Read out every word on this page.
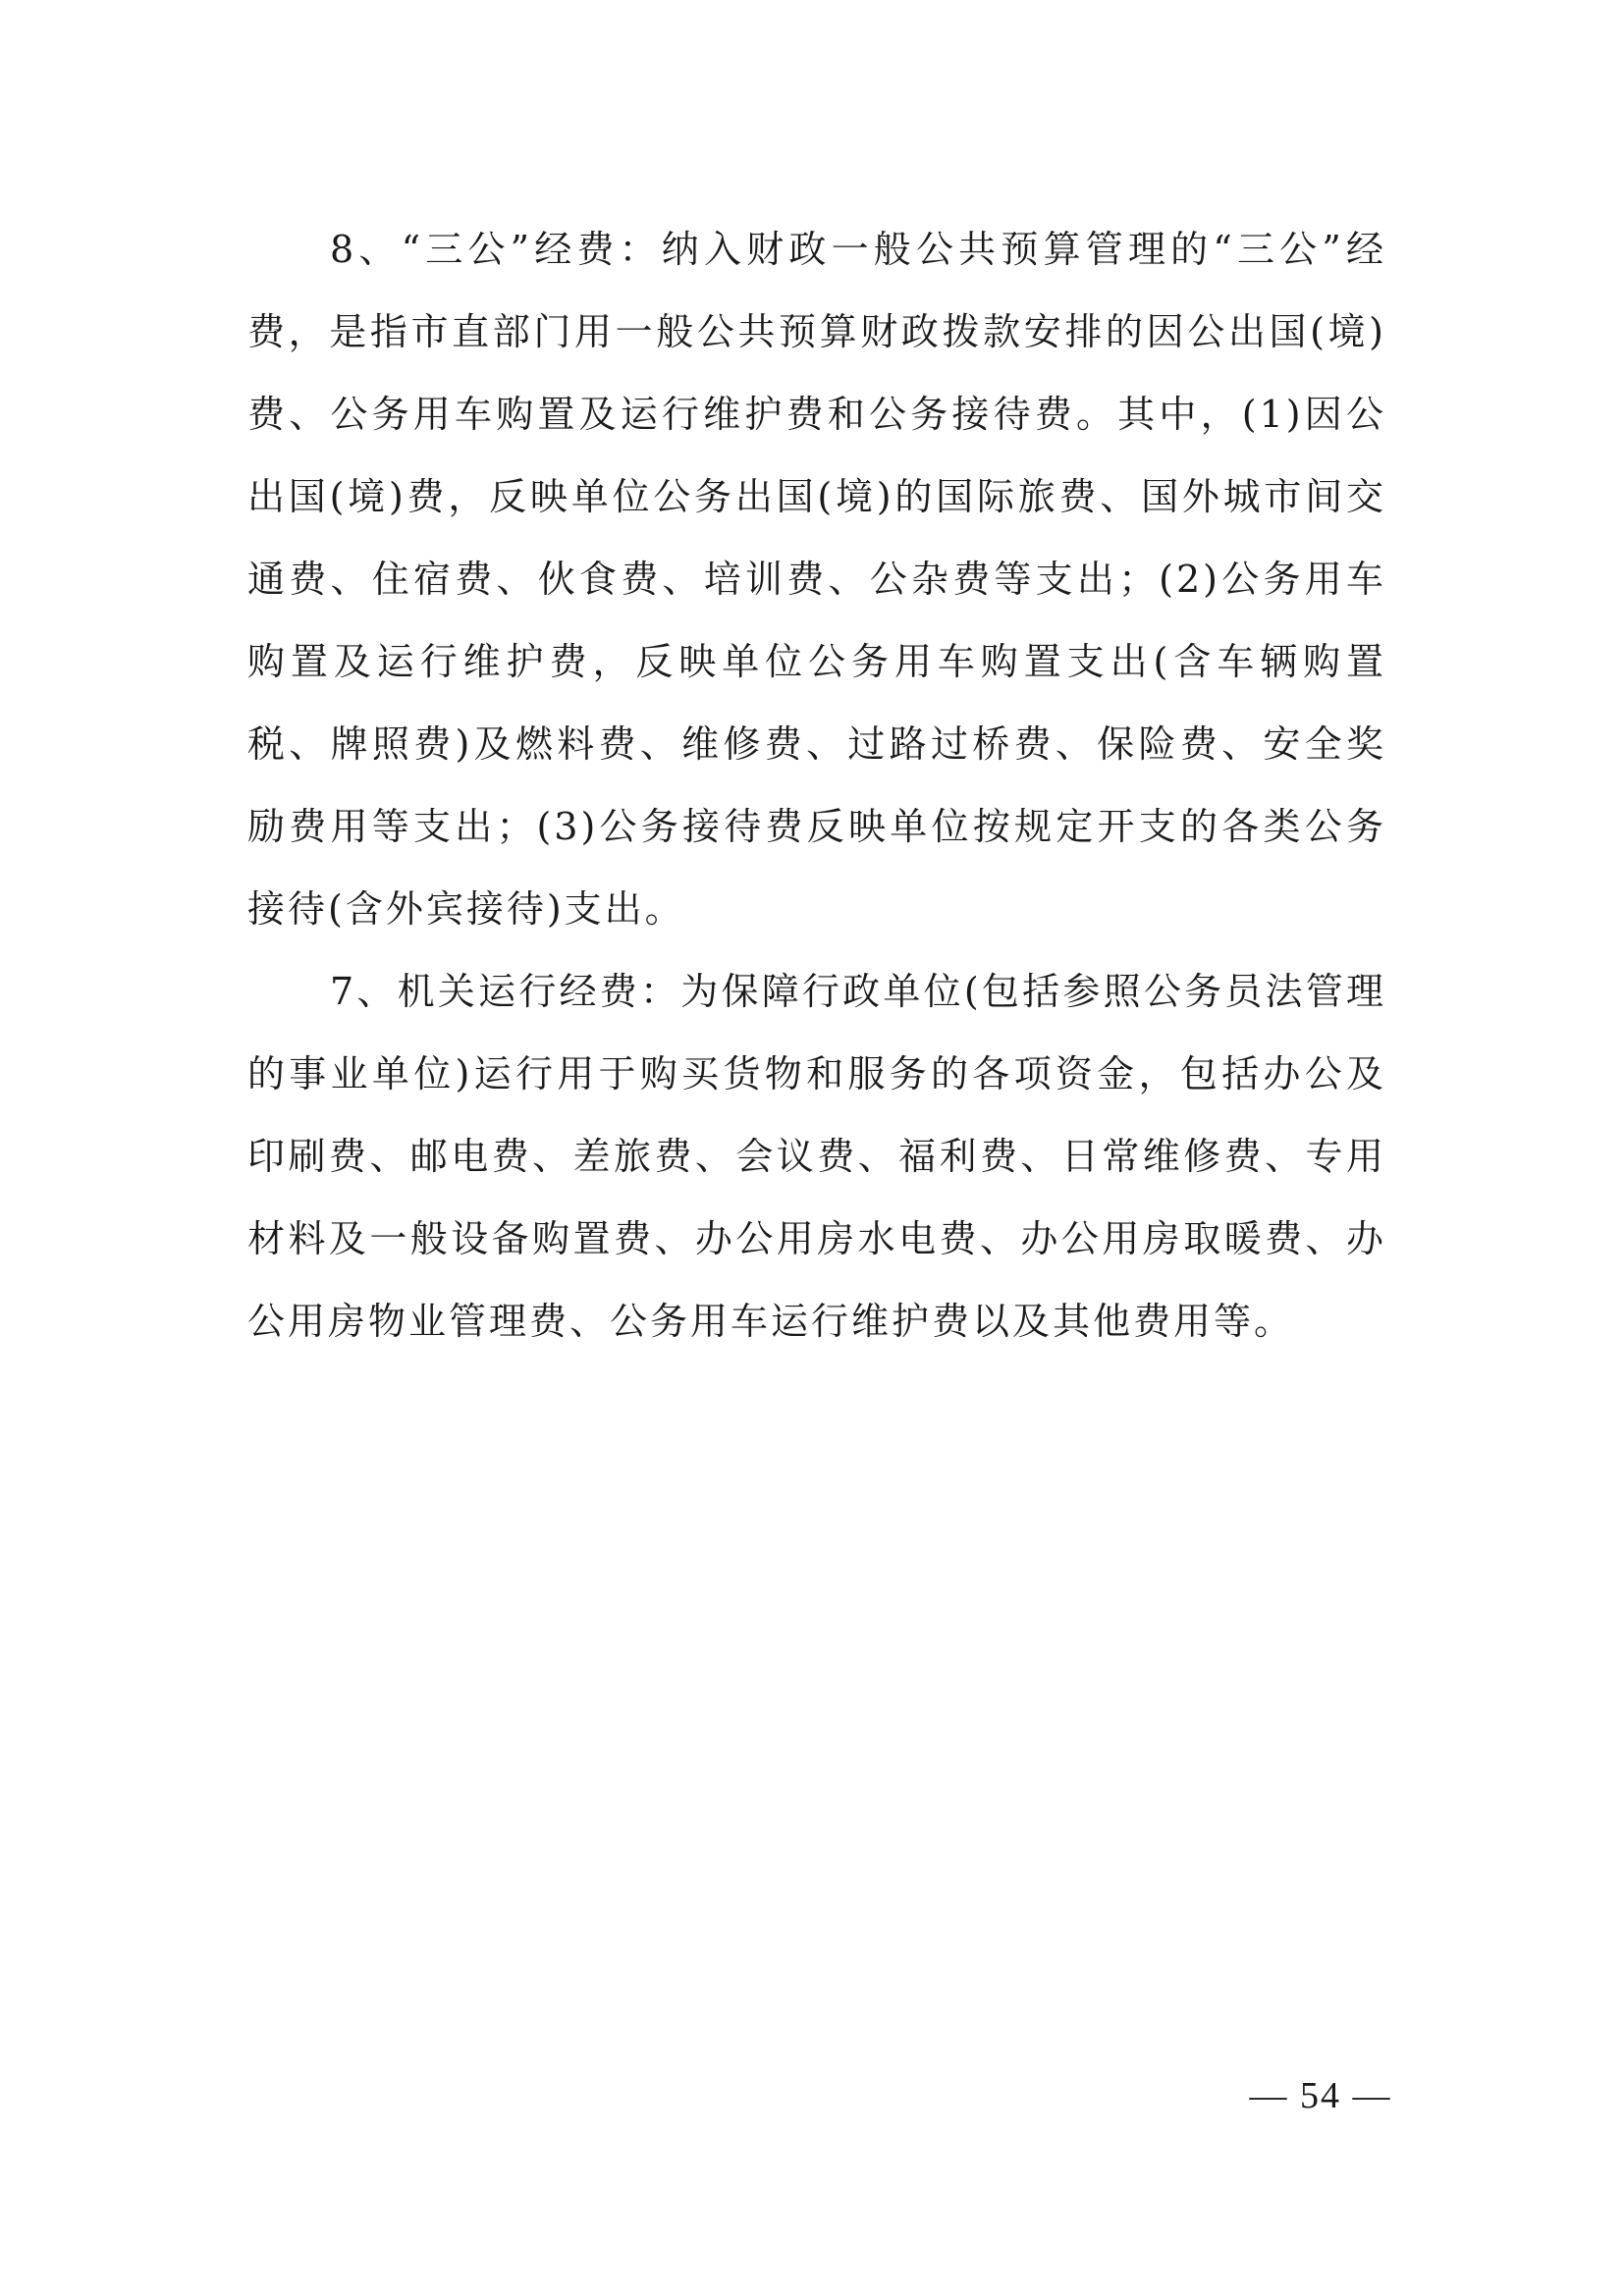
8、“三公”经费：纳入财政一般公共预算管理的“三公”经费，是指市直部门用一般公共预算财政拨款安排的因公出国(境)费、公务用车购置及运行维护费和公务接待费。其中，(1)因公出国(境)费，反映单位公务出国(境)的国际旅费、国外城市间交通费、住宿费、伙食费、培训费、公杂费等支出；(2)公务用车购置及运行维护费，反映单位公务用车购置支出(含车辆购置税、牌照费)及燃料费、维修费、过路过桥费、保险费、安全奖励费用等支出；(3)公务接待费反映单位按规定开支的各类公务接待(含外宾接待)支出。

7、机关运行经费：为保障行政单位(包括参照公务员法管理的事业单位)运行用于购买货物和服务的各项资金，包括办公及印刷费、邮电费、差旅费、会议费、福利费、日常维修费、专用材料及一般设备购置费、办公用房水电费、办公用房取暖费、办公用房物业管理费、公务用车运行维护费以及其他费用等。

— 54 —
